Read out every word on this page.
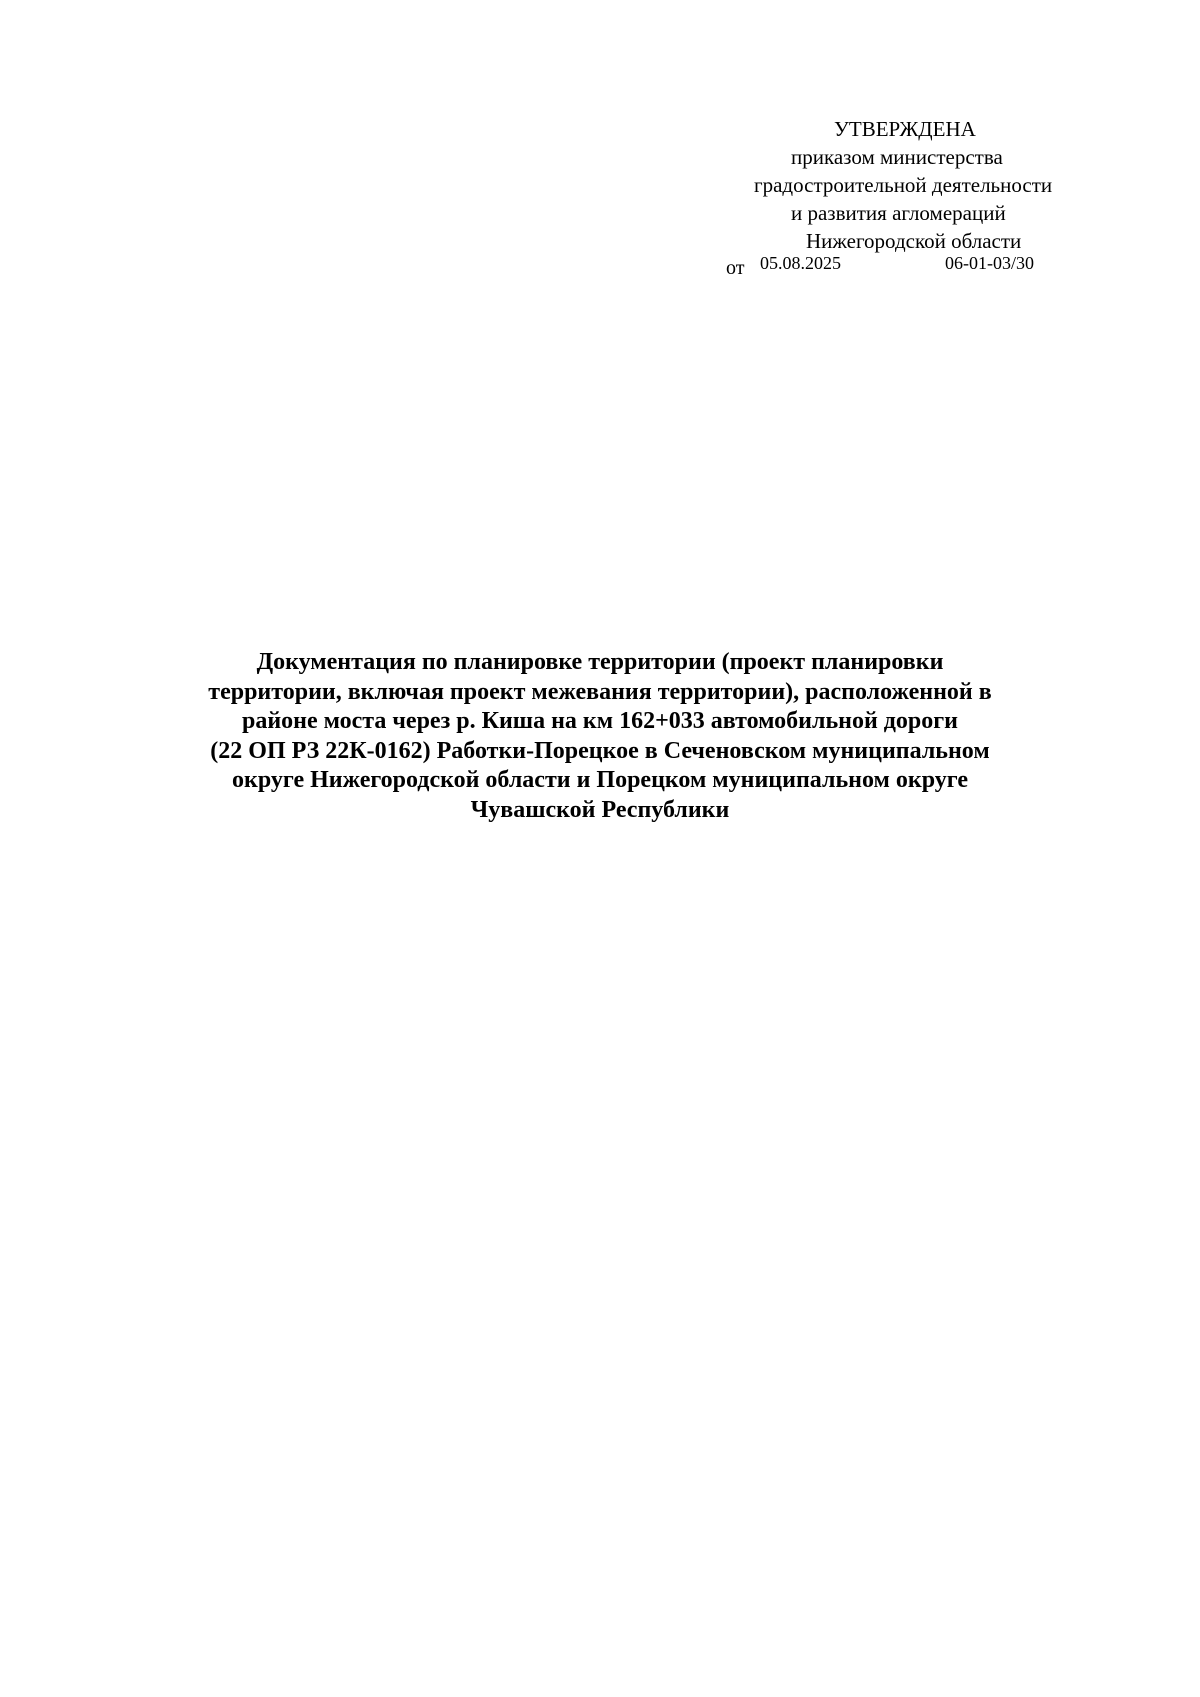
УТВЕРЖДЕНА
приказом министерства
градостроительной деятельности
и развития агломераций
Нижегородской области
от 05.08.2025	06-01-03/30
Документация по планировке территории (проект планировки
территории, включая проект межевания территории), расположенной в
районе моста через р. Киша на км 162+033 автомобильной дороги
(22 ОП РЗ 22К-0162) Работки-Порецкое в Сеченовском муниципальном
округе Нижегородской области и Порецком муниципальном округе
Чувашской Республики
